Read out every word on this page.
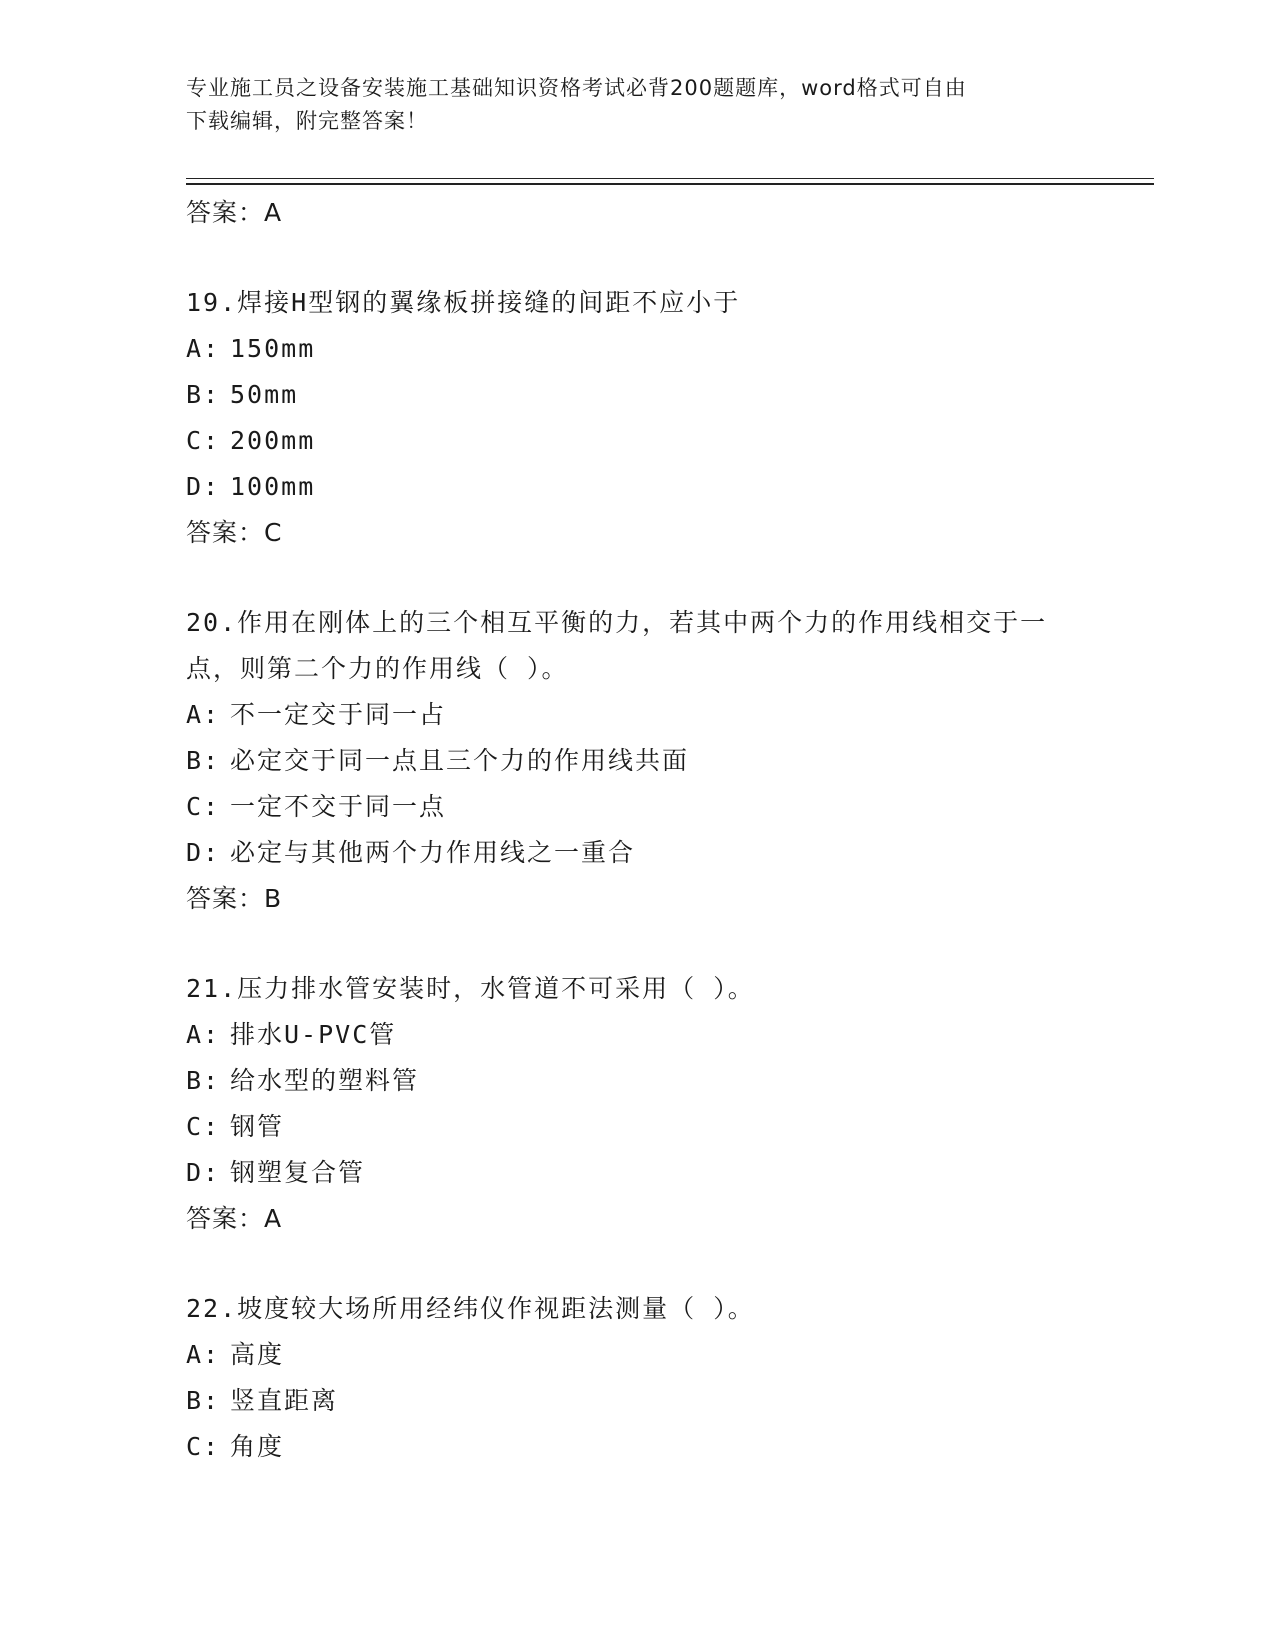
专业施工员之设备安装施工基础知识资格考试必背200题题库，word格式可自由
下载编辑，附完整答案！
答案：A
19.焊接H型钢的翼缘板拼接缝的间距不应小于
A: 150mm
B: 50mm
C: 200mm
D: 100mm
答案：C
20.作用在刚体上的三个相互平衡的力，若其中两个力的作用线相交于一点，则第二个力的作用线（ ）。
A: 不一定交于同一占
B: 必定交于同一点且三个力的作用线共面
C: 一定不交于同一点
D: 必定与其他两个力作用线之一重合
答案：B
21.压力排水管安装时，水管道不可采用（ ）。
A: 排水U-PVC管
B: 给水型的塑料管
C: 钢管
D: 钢塑复合管
答案：A
22.坡度较大场所用经纬仪作视距法测量（ ）。
A: 高度
B: 竖直距离
C: 角度
